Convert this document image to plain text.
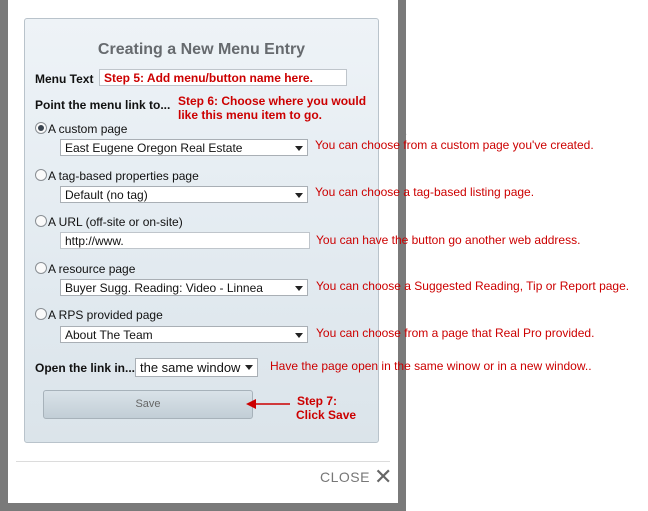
Creating a New Menu Entry
Menu Text Step 5: Add menu/button name here.
Point the menu link to...
A custom page
East Eugene Oregon Real Estate
A tag-based properties page
Default (no tag)
A URL (off-site or on-site)
http://www.
A resource page
Buyer Sugg. Reading: Video - Linnea
A RPS provided page
About The Team
Open the link in... the same window
Save
CLOSE ✕
Step 6: Choose where you would
like this menu item to go.
You can choose from a custom page you've created.
You can choose a tag-based listing page.
You can have the button go another web address.
You can choose a Suggested Reading, Tip or Report page.
You can choose from a page that Real Pro provided.
Have the page open in the same winow or in a new window..
Step 7:
Click Save
